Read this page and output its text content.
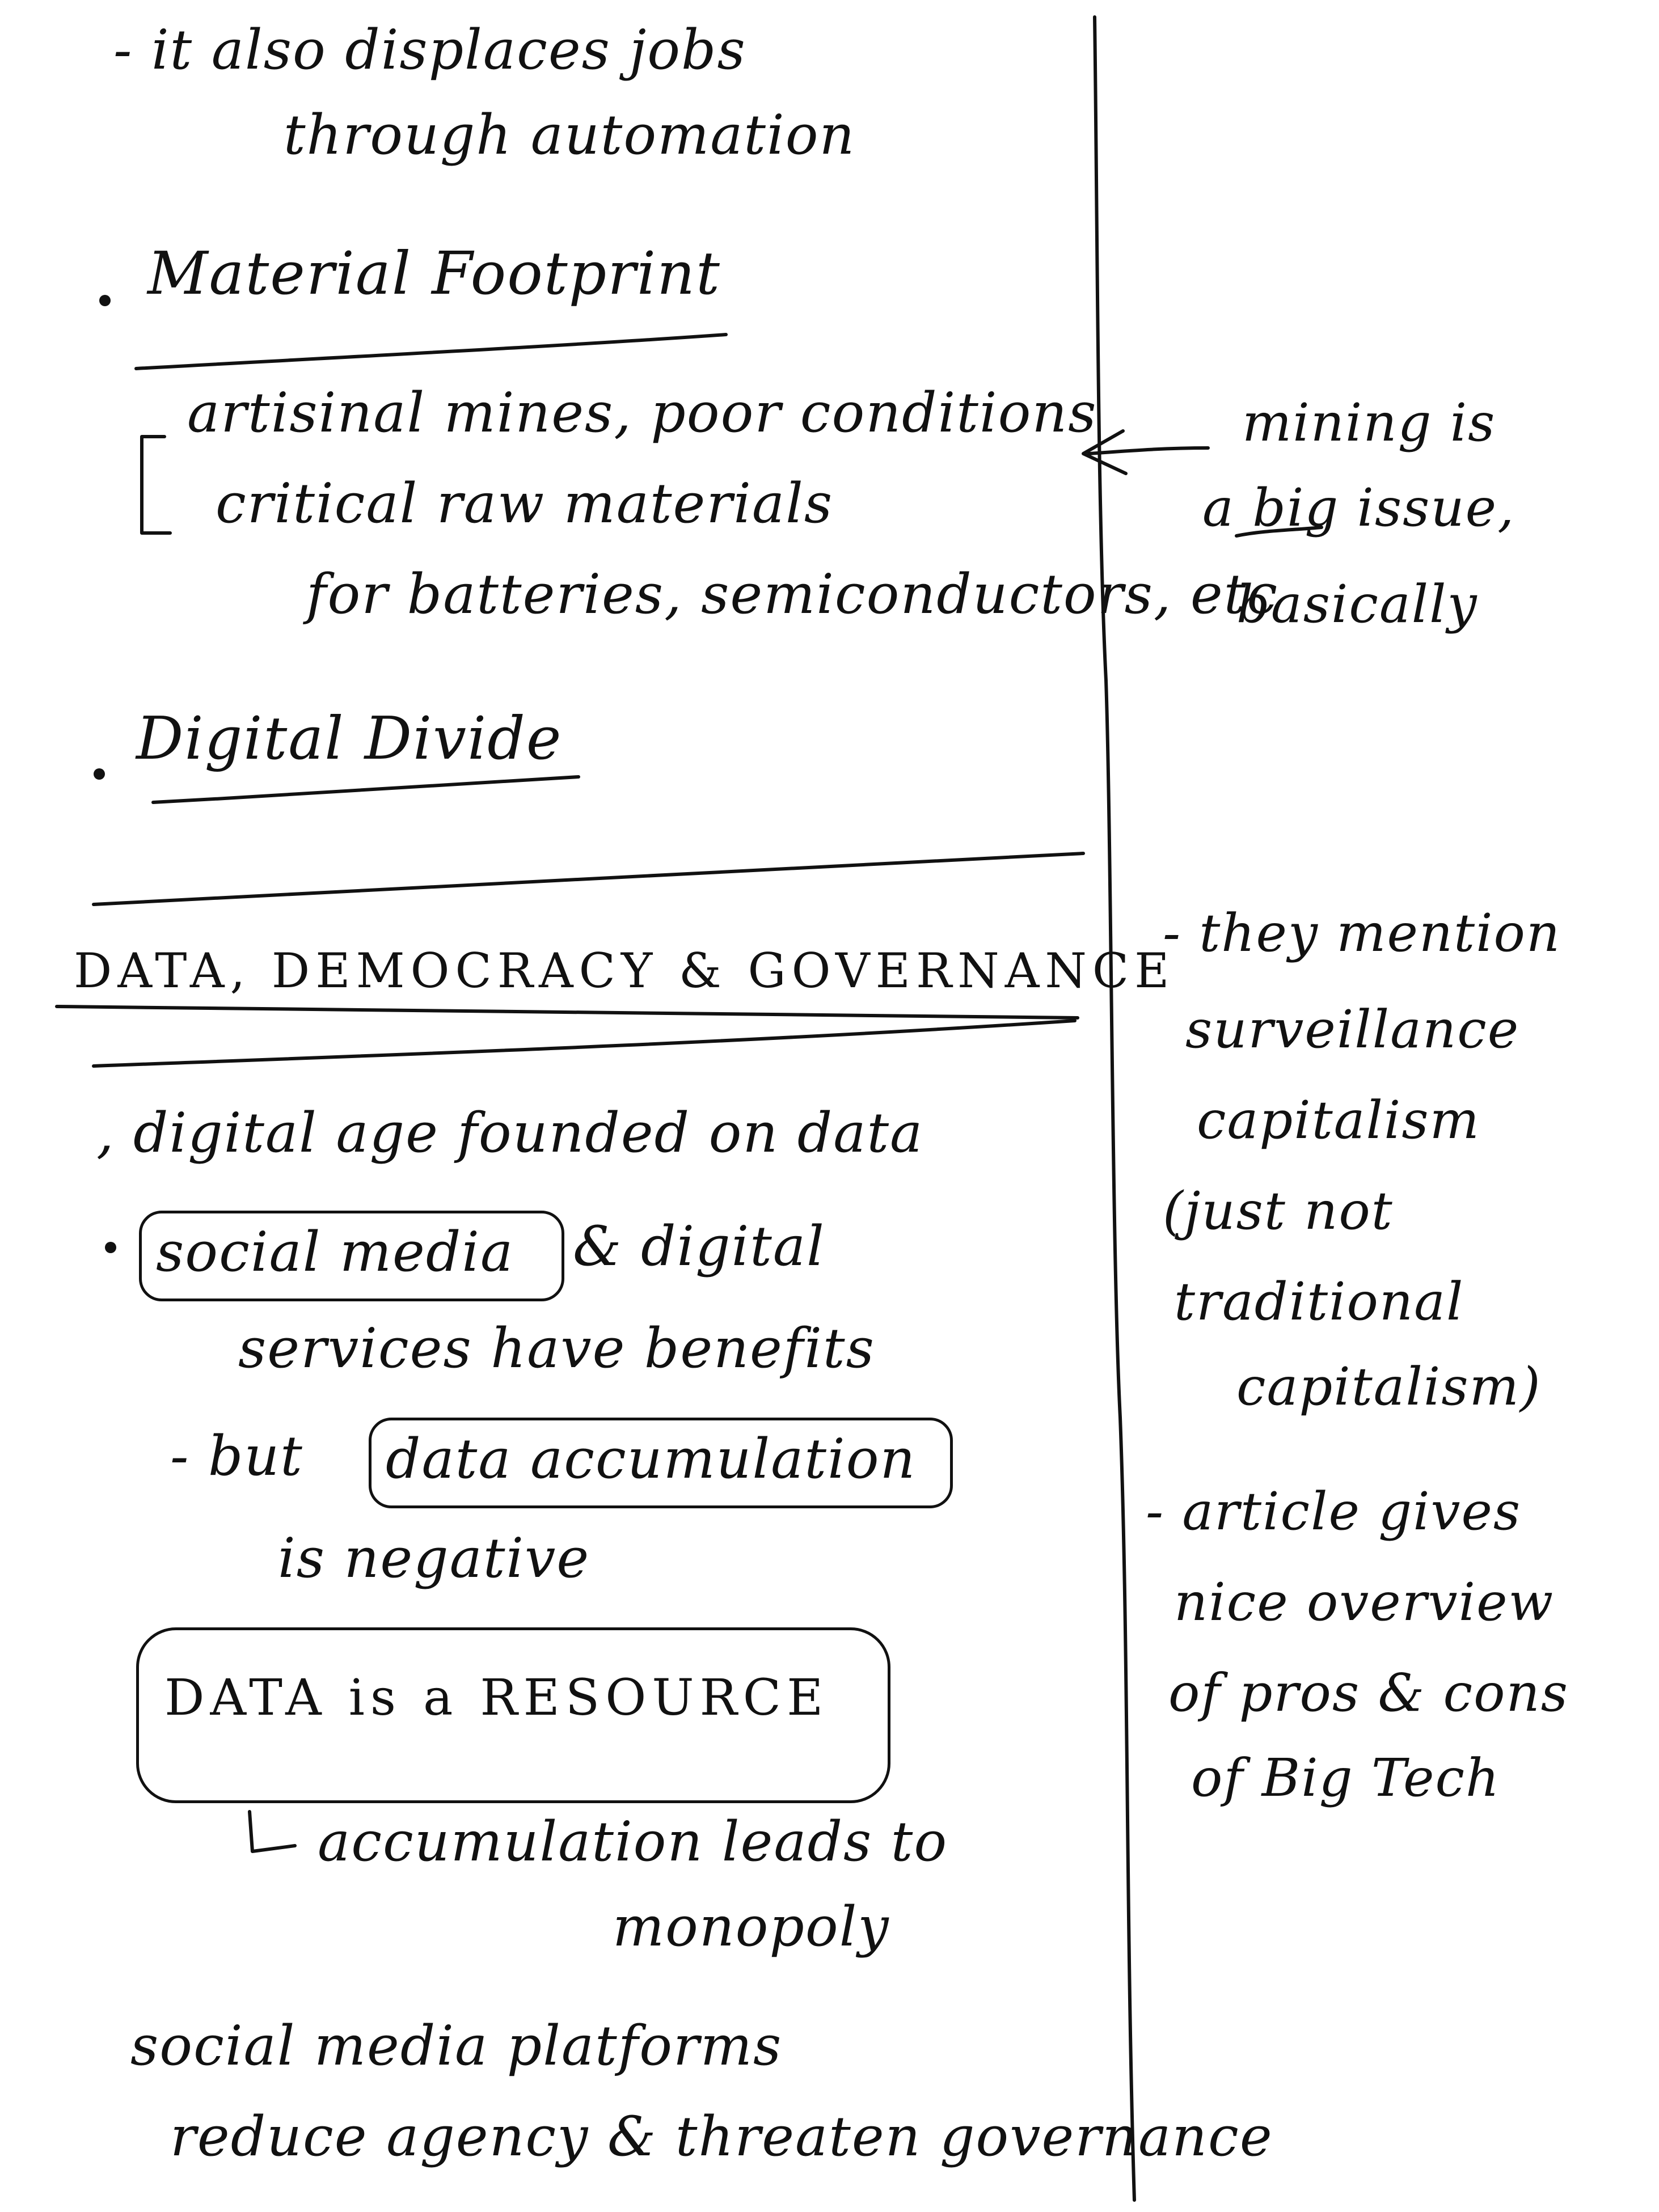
- it also displaces jobs
through automation
Material Footprint
artisinal mines, poor conditions
critical raw materials
for batteries, semiconductors, etc
Digital Divide
DATA, DEMOCRACY & GOVERNANCE
, digital age founded on data
social media & digital
services have benefits
- but data accumulation
is negative
DATA is a RESOURCE
accumulation leads to
monopoly
social media platforms
reduce agency & threaten governance
mining is
a big issue,
basically
- they mention
surveillance
capitalism
(just not
traditional
capitalism)
- article gives
nice overview
of pros & cons
of Big Tech
